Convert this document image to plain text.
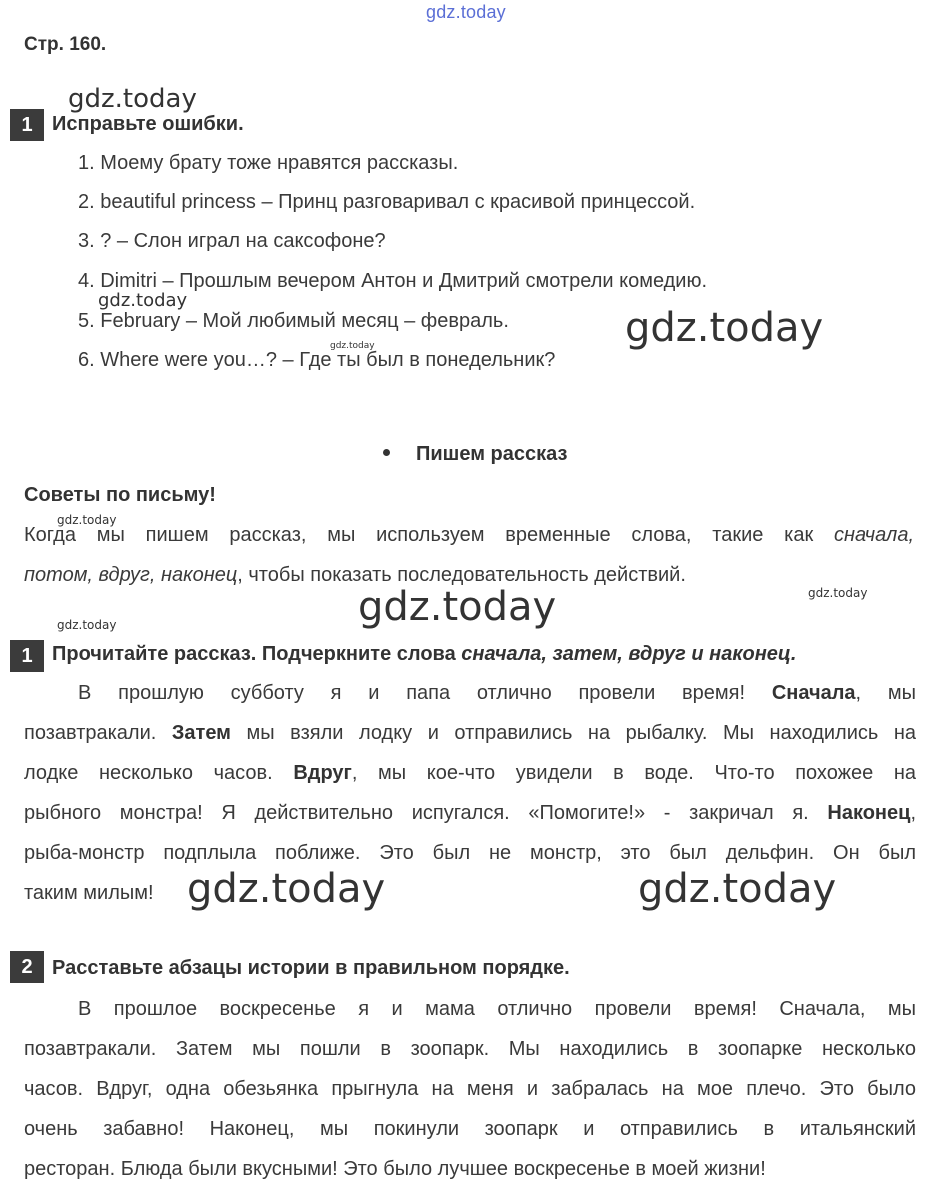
gdz.today
Стр. 160.
gdz.today
1 Исправьте ошибки.
1. Моему брату тоже нравятся рассказы.
2. beautiful princess – Принц разговаривал с красивой принцессой.
3. ? – Слон играл на саксофоне?
4. Dimitri – Прошлым вечером Антон и Дмитрий смотрели комедию.
gdz.today
5. February – Мой любимый месяц – февраль.	gdz.today
gdz.today
6. Where were you…? – Где ты был в понедельник?
Пишем рассказ
Советы по письму!
gdz.today
Когда мы пишем рассказ, мы используем временные слова, такие как сначала,
потом, вдруг, наконец, чтобы показать последовательность действий.
gdz.today
gdz.today
gdz.today
1 Прочитайте рассказ. Подчеркните слова сначала, затем, вдруг и наконец.
В прошлую субботу я и папа отлично провели время! Сначала, мы
позавтракали. Затем мы взяли лодку и отправились на рыбалку. Мы находились на
лодке несколько часов. Вдруг, мы кое-что увидели в воде. Что-то похожее на
рыбного монстра! Я действительно испугался. «Помогите!» - закричал я. Наконец,
рыба-монстр подплыла поближе. Это был не монстр, это был дельфин. Он был
таким милым! gdz.today	gdz.today
2 Расставьте абзацы истории в правильном порядке.
В прошлое воскресенье я и мама отлично провели время! Сначала, мы
позавтракали. Затем мы пошли в зоопарк. Мы находились в зоопарке несколько
часов. Вдруг, одна обезьянка прыгнула на меня и забралась на мое плечо. Это было
очень забавно! Наконец, мы покинули зоопарк и отправились в итальянский
ресторан. Блюда были вкусными! Это было лучшее воскресенье в моей жизни!
